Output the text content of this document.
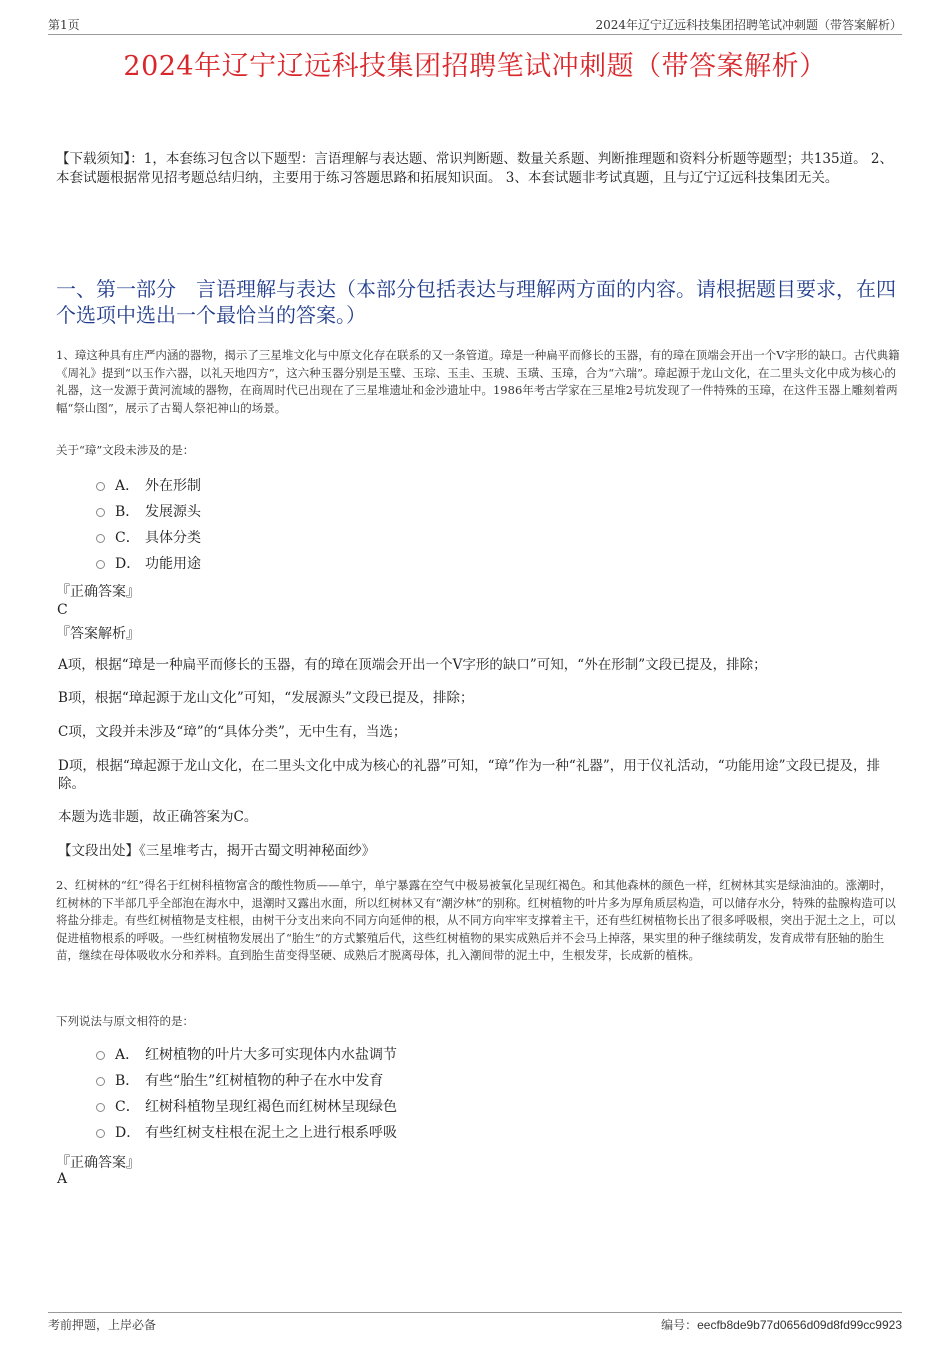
第1页	2024年辽宁辽远科技集团招聘笔试冲刺题（带答案解析）
2024年辽宁辽远科技集团招聘笔试冲刺题（带答案解析）
【下载须知】：1，本套练习包含以下题型：言语理解与表达题、常识判断题、数量关系题、判断推理题和资料分析题等题型；共135道。 2、本套试题根据常见招考题总结归纳，主要用于练习答题思路和拓展知识面。 3、本套试题非考试真题，且与辽宁辽远科技集团无关。
一、第一部分　言语理解与表达（本部分包括表达与理解两方面的内容。请根据题目要求，在四个选项中选出一个最恰当的答案。）
1、璋这种具有庄严内涵的器物，揭示了三星堆文化与中原文化存在联系的又一条管道。璋是一种扁平而修长的玉器，有的璋在顶端会开出一个V字形的缺口。古代典籍《周礼》提到“以玉作六器，以礼天地四方”，这六种玉器分别是玉璧、玉琮、玉圭、玉琥、玉璜、玉璋，合为“六瑞”。璋起源于龙山文化，在二里头文化中成为核心的礼器，这一发源于黄河流域的器物，在商周时代已出现在了三星堆遗址和金沙遗址中。1986年考古学家在三星堆2号坑发现了一件特殊的玉璋，在这件玉器上雕刻着两幅“祭山图”，展示了古蜀人祭祀神山的场景。
关于“璋”文段未涉及的是：
A． 外在形制
B． 发展源头
C． 具体分类
D． 功能用途
『正确答案』
C
『答案解析』
A项，根据“璋是一种扁平而修长的玉器，有的璋在顶端会开出一个V字形的缺口”可知，“外在形制”文段已提及，排除；
B项，根据“璋起源于龙山文化”可知，“发展源头”文段已提及，排除；
C项，文段并未涉及“璋”的“具体分类”，无中生有，当选；
D项，根据“璋起源于龙山文化，在二里头文化中成为核心的礼器”可知，“璋”作为一种“礼器”，用于仪礼活动，“功能用途”文段已提及，排除。
本题为选非题，故正确答案为C。
【文段出处】《三星堆考古，揭开古蜀文明神秘面纱》
2、红树林的“红”得名于红树科植物富含的酸性物质——单宁，单宁暴露在空气中极易被氧化呈现红褐色。和其他森林的颜色一样，红树林其实是绿油油的。涨潮时，红树林的下半部几乎全部泡在海水中，退潮时又露出水面，所以红树林又有“潮汐林”的别称。红树植物的叶片多为厚角质层构造，可以储存水分，特殊的盐腺构造可以将盐分排走。有些红树植物是支柱根，由树干分支出来向不同方向延伸的根，从不同方向牢牢支撑着主干，还有些红树植物长出了很多呼吸根，突出于泥土之上，可以促进植物根系的呼吸。一些红树植物发展出了“胎生”的方式繁殖后代，这些红树植物的果实成熟后并不会马上掉落，果实里的种子继续萌发，发育成带有胚轴的胎生苗，继续在母体吸收水分和养料。直到胎生苗变得坚硬、成熟后才脱离母体，扎入潮间带的泥土中，生根发芽，长成新的植株。
下列说法与原文相符的是：
A． 红树植物的叶片大多可实现体内水盐调节
B． 有些“胎生”红树植物的种子在水中发育
C． 红树科植物呈现红褐色而红树林呈现绿色
D． 有些红树支柱根在泥土之上进行根系呼吸
『正确答案』
A
考前押题，上岸必备	编号：eecfb8de9b77d0656d09d8fd99cc9923
